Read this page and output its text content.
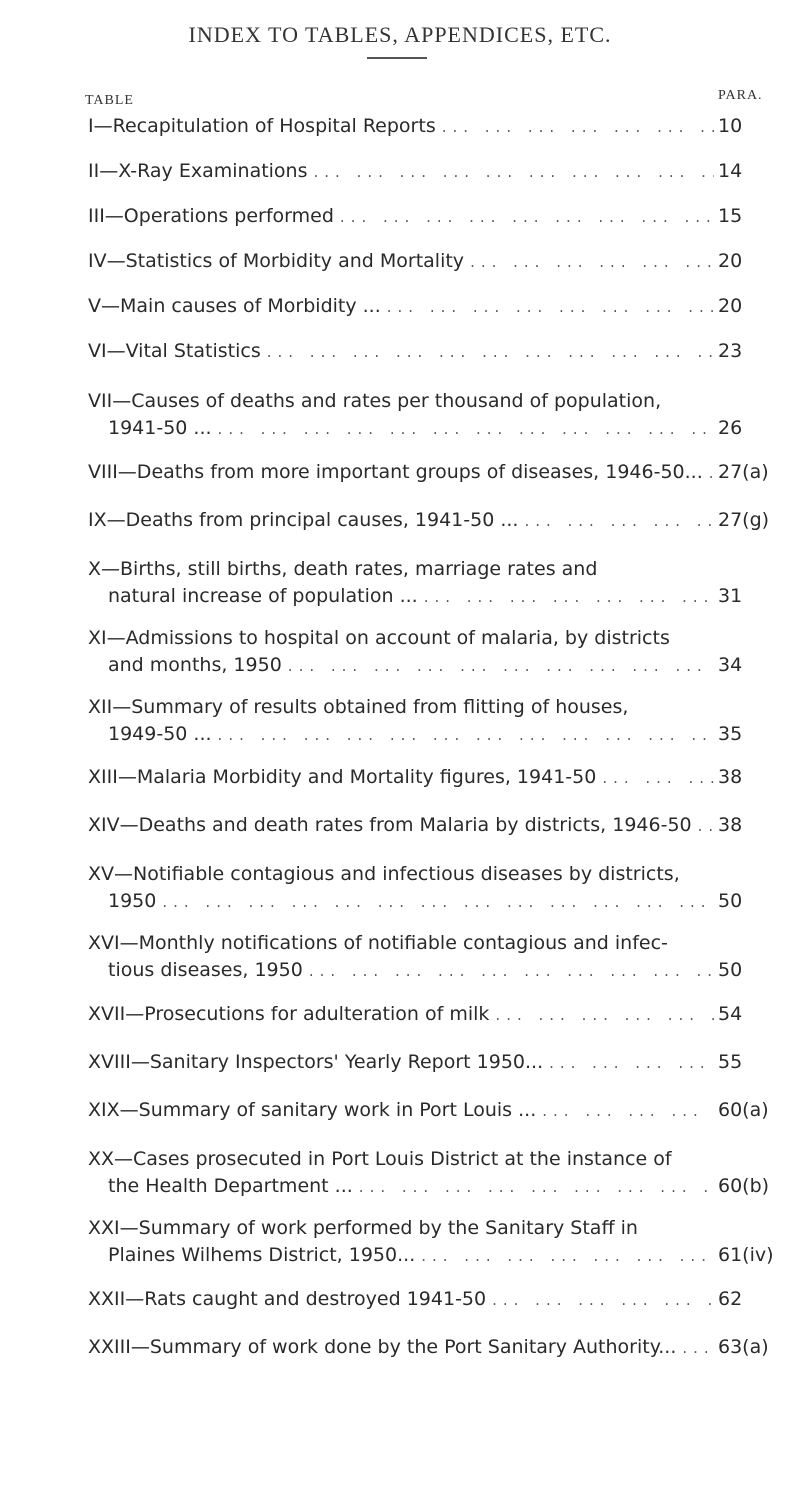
INDEX TO TABLES, APPENDICES, ETC.
TABLE	PARA.
I—Recapitulation of Hospital Reports ... .	10
II—X-Ray Examinations ... .	14
III—Operations performed ... .	15
IV—Statistics of Morbidity and Mortality ... .	20
V—Main causes of Morbidity ... ... .	20
VI—Vital Statistics ... .	23
VII—Causes of deaths and rates per thousand of population,
1941-50 ... ... .	26
VIII—Deaths from more important groups of diseases, 1946-50... ... . 27(a)
IX—Deaths from principal causes, 1941-50 ... ... .	27(g)
X—Births, still births, death rates, marriage rates and
natural increase of population ... ... .	31
XI—Admissions to hospital on account of malaria, by districts
and months, 1950 ... .	34
XII—Summary of results obtained from flitting of houses,
1949-50 ... ... .	35
XIII—Malaria Morbidity and Mortality figures, 1941-50 ... .	38
XIV—Deaths and death rates from Malaria by districts, 1946-50 ... . 38
XV—Notifiable contagious and infectious diseases by districts,
1950 ... .	50
XVI—Monthly notifications of notifiable contagious and infec-
tious diseases, 1950 ... .	50
XVII—Prosecutions for adulteration of milk ... .	54
XVIII—Sanitary Inspectors' Yearly Report 1950... ... .	55
XIX—Summary of sanitary work in Port Louis ... ... .	60(a)
XX—Cases prosecuted in Port Louis District at the instance of
the Health Department ... ... .	60(b)
XXI—Summary of work performed by the Sanitary Staff in
Plaines Wilhems District, 1950... ... .	61(iv)
XXII—Rats caught and destroyed 1941-50 ... .	62
XXIII—Summary of work done by the Port Sanitary Authority... ... . 63(a)
